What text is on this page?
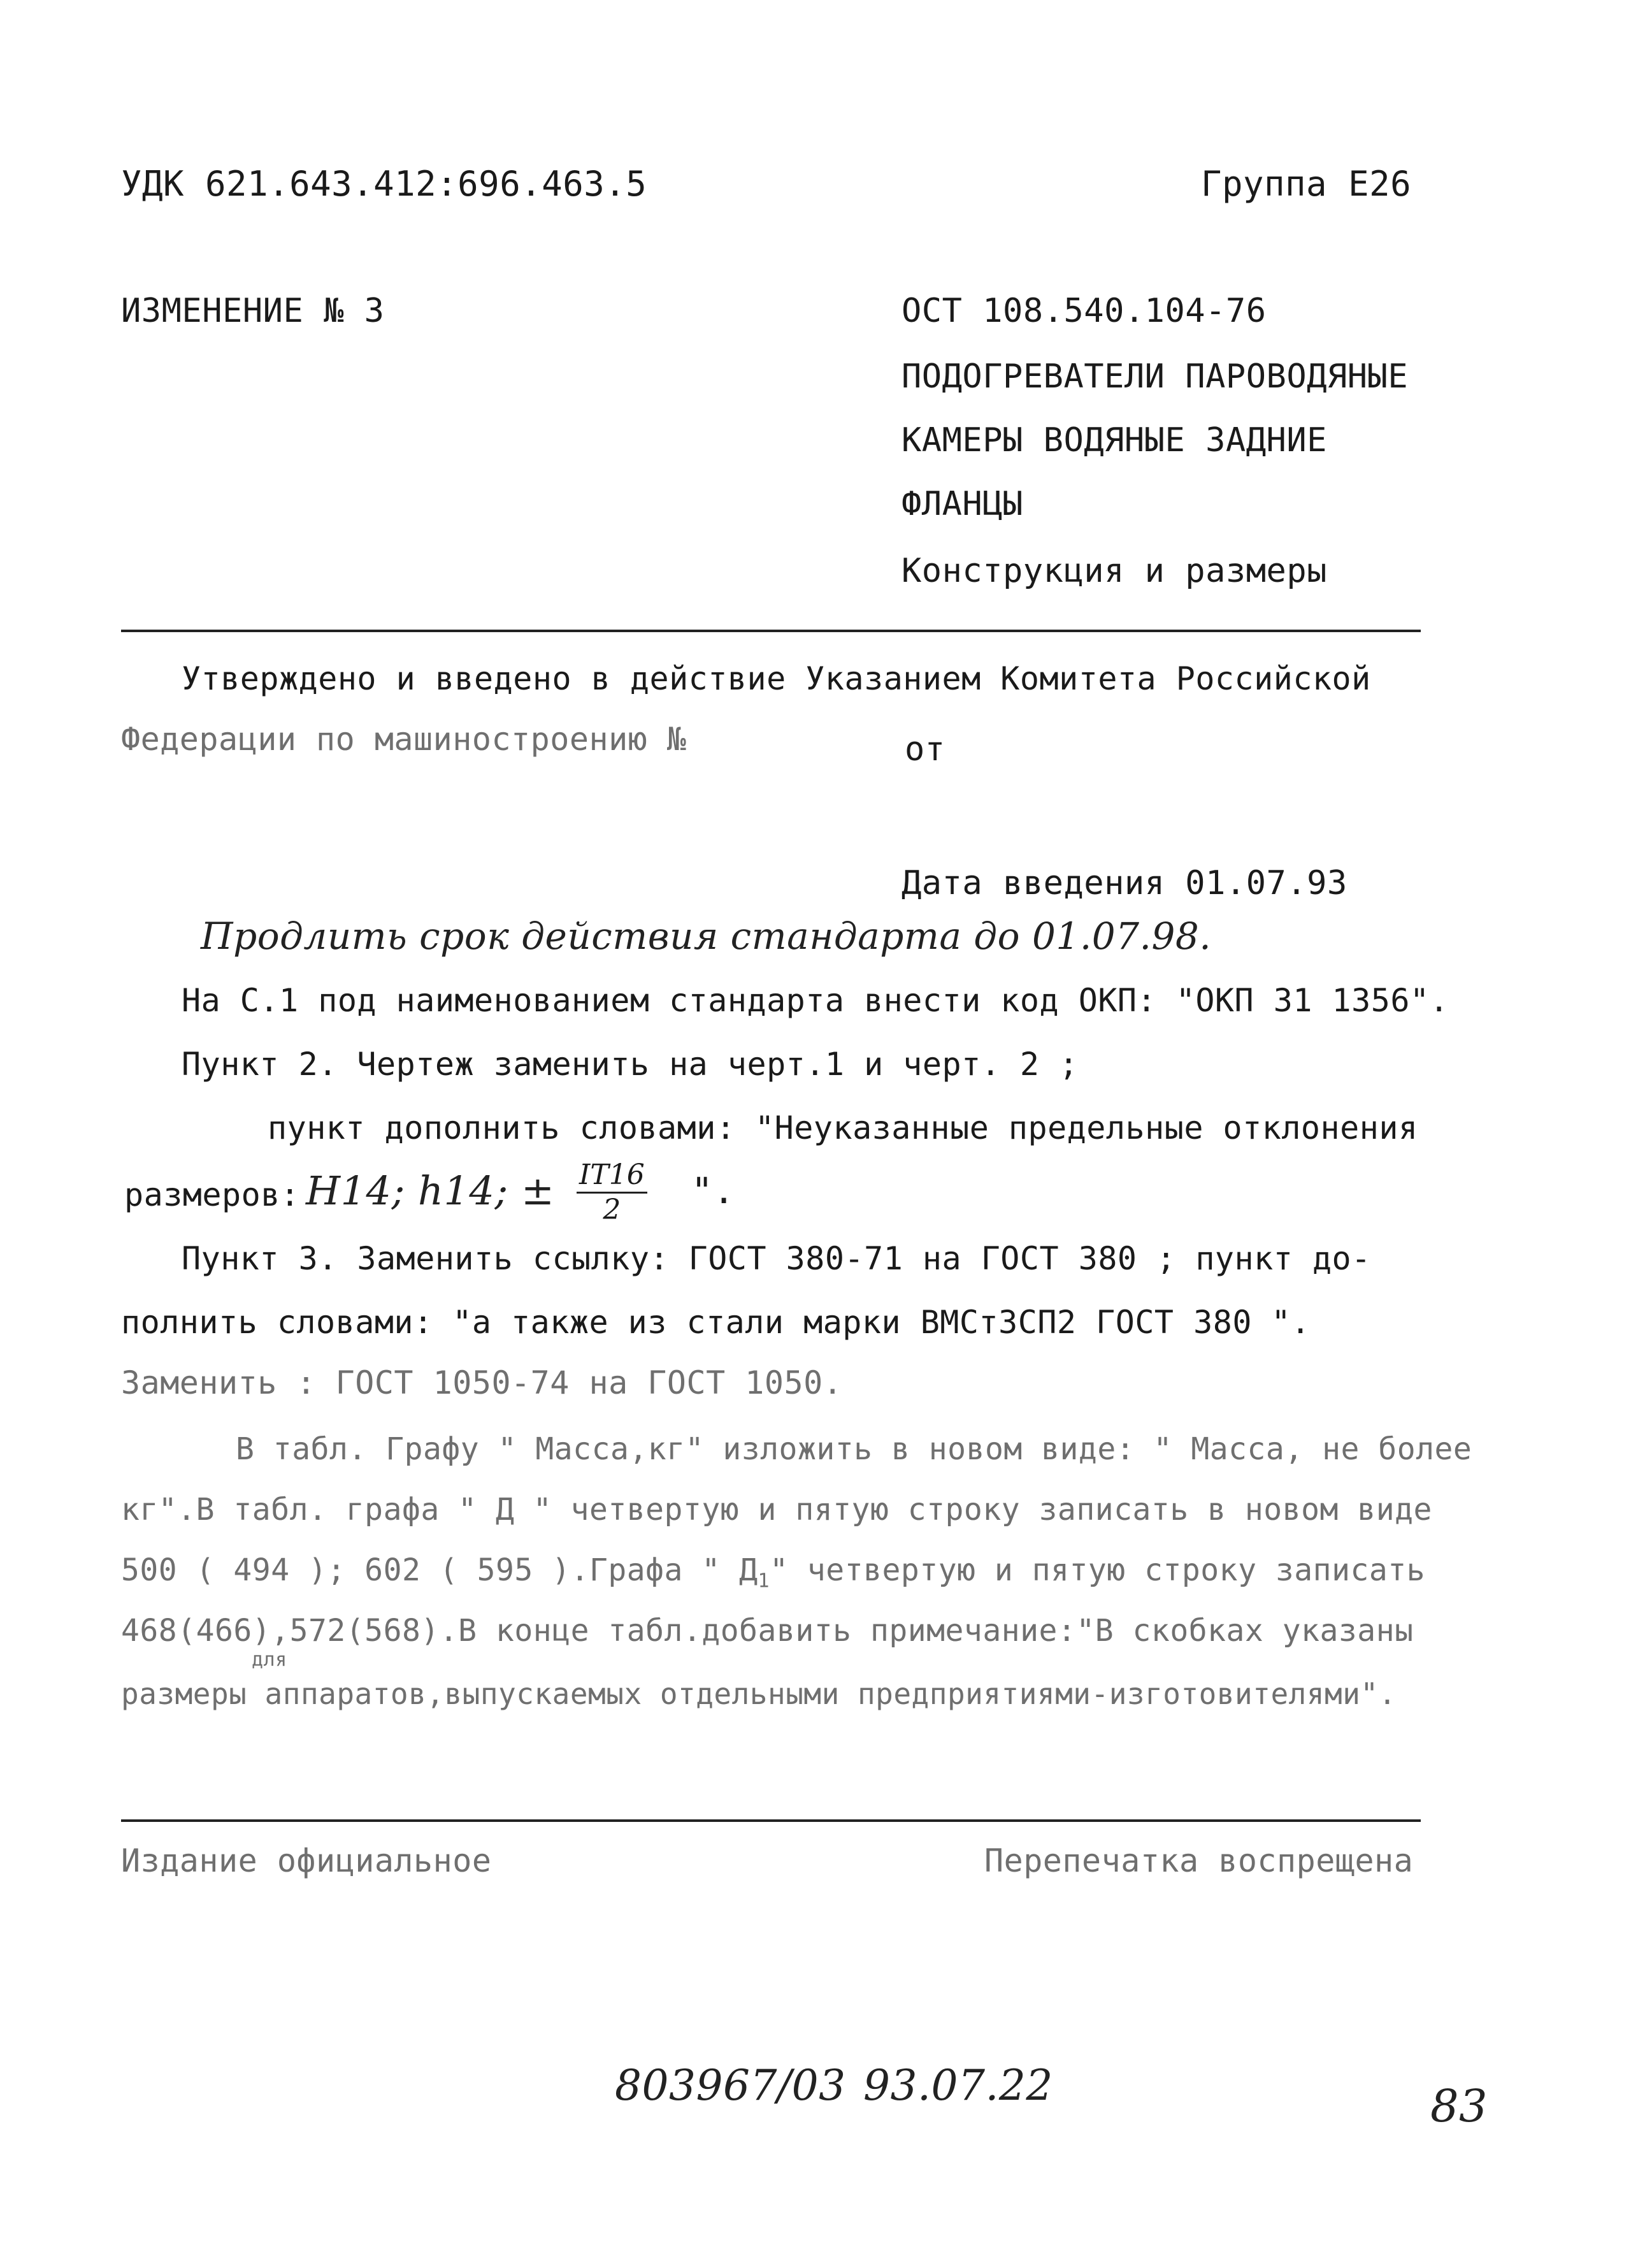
УДК 621.643.412:696.463.5	Группа Е26
ИЗМЕНЕНИЕ № 3	ОСТ 108.540.104-76
ПОДОГРЕВАТЕЛИ ПАРОВОДЯНЫЕ
КАМЕРЫ ВОДЯНЫЕ ЗАДНИЕ
ФЛАНЦЫ
Конструкция и размеры
Утверждено и введено в действие Указанием Комитета Российской
Федерации по машиностроению №	от
Дата введения 01.07.93
Продлить срок действия стандарта до 01.07.98.
На С.1 под наименованием стандарта внести код ОКП: "ОКП 31 1356".
Пункт 2. Чертеж заменить на черт.1 и черт. 2 ;
пункт дополнить словами: "Неуказанные предельные отклонения
размеров: H14; h14; ± $\frac{IT16}{2}$ ".
Пункт 3. Заменить ссылку: ГОСТ 380-71 на ГОСТ 380 ; пункт до-
полнить словами: "а также из стали марки ВМСт3СП2 ГОСТ 380 ".
Заменить : ГОСТ 1050-74 на ГОСТ 1050.
В табл. Графу " Масса,кг" изложить в новом виде: " Масса, не более
кг".В табл. графа " Д " четвертую и пятую строку записать в новом виде
500 ( 494 ); 602 ( 595 ).Графа " $Д_1$" четвертую и пятую строку записать
468(466),572(568).В конце табл.добавить примечание:"В скобках указаны
для
размеры аппаратов,выпускаемых отдельными предприятиями-изготовителями".
Издание официальное	Перепечатка воспрещена
803967/03 93.07.22	83
